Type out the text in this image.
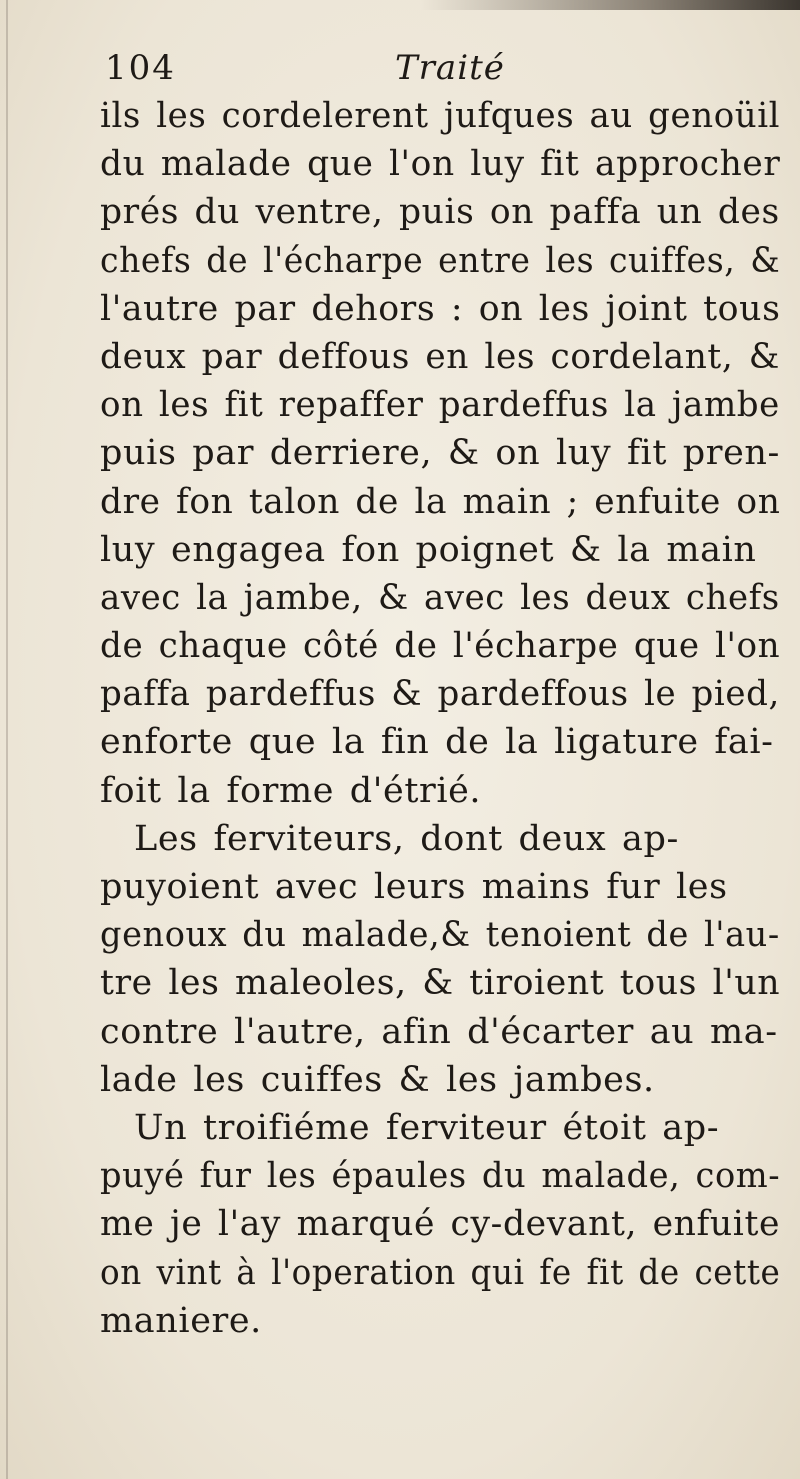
104	Traité
ils les cordelerent jufques au genoüil
du malade que l'on luy fit approcher
prés du ventre, puis on paffa un des
chefs de l'écharpe entre les cuiffes, &
l'autre par dehors : on les joint tous
deux par deffous en les cordelant, &
on les fit repaffer pardeffus la jambe
puis par derriere, & on luy fit pren-
dre fon talon de la main ; enfuite on
luy engagea fon poignet & la main
avec la jambe, & avec les deux chefs
de chaque côté de l'écharpe que l'on
paffa pardeffus & pardeffous le pied,
enforte que la fin de la ligature fai-
foit la forme d'étrié.
Les ferviteurs, dont deux ap-
puyoient avec leurs mains fur les
genoux du malade,& tenoient de l'au-
tre les maleoles, & tiroient tous l'un
contre l'autre, afin d'écarter au ma-
lade les cuiffes & les jambes.
Un troifiéme ferviteur étoit ap-
puyé fur les épaules du malade, com-
me je l'ay marqué cy-devant, enfuite
on vint à l'operation qui fe fit de cette
maniere.
